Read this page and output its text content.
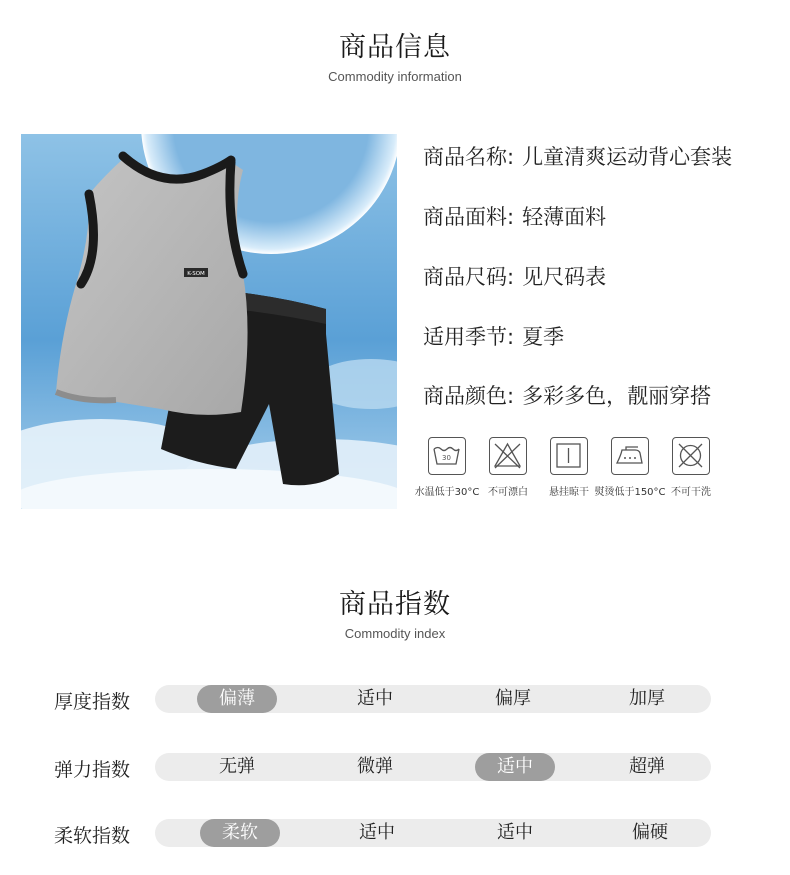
商品信息
Commodity information
K-SOM
商品名称: 儿童清爽运动背心套装
商品面料: 轻薄面料
商品尺码: 见尺码表
适用季节: 夏季
商品颜色: 多彩多色，靓丽穿搭
30
水温低于30°C 不可漂白 悬挂晾干 熨烫低于150°C 不可干洗
商品指数
Commodity index
厚度指数	偏薄	适中	偏厚	加厚
弹力指数	无弹	微弹	适中	超弹
柔软指数	柔软	适中	适中	偏硬
